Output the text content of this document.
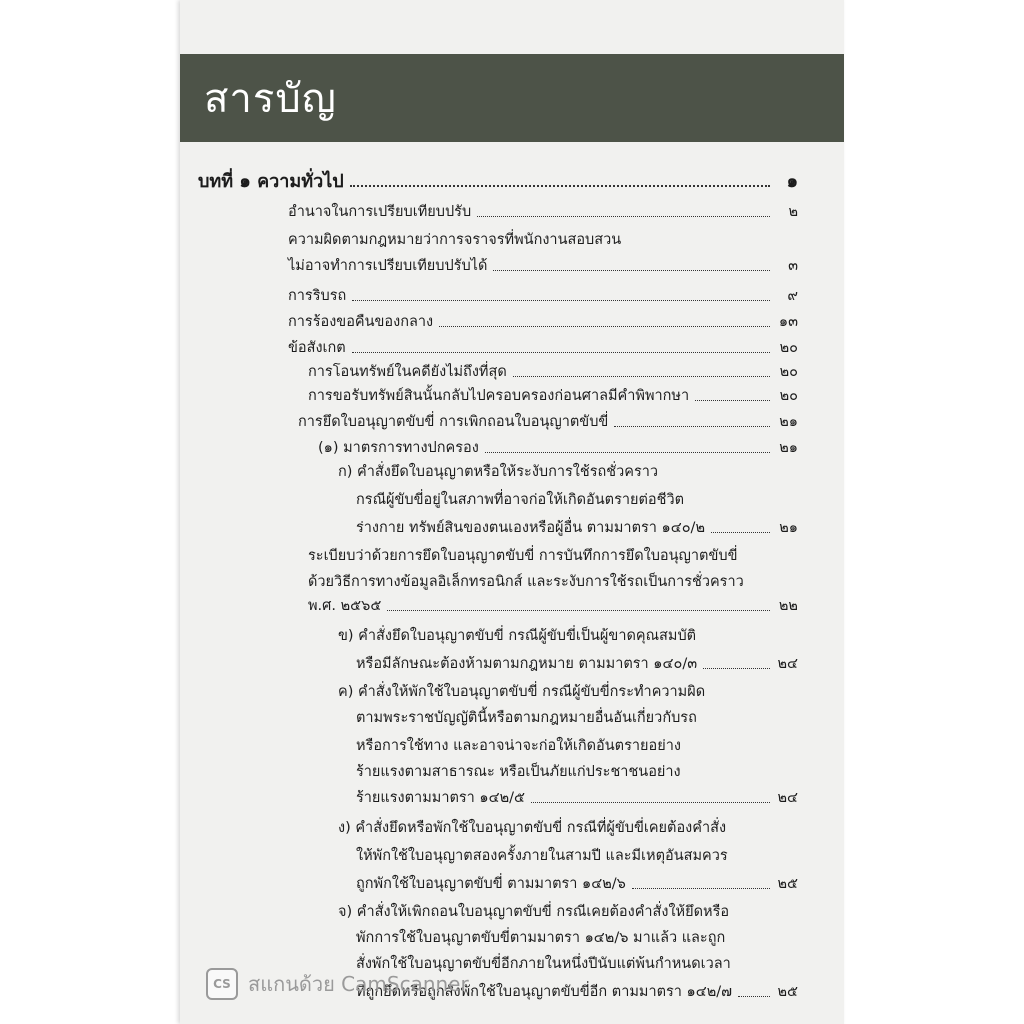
สารบัญ
บทที่ ๑ ความทั่วไป	๑
อำนาจในการเปรียบเทียบปรับ	๒
ความผิดตามกฎหมายว่าการจราจรที่พนักงานสอบสวน
ไม่อาจทำการเปรียบเทียบปรับได้	๓
การริบรถ	๙
การร้องขอคืนของกลาง	๑๓
ข้อสังเกต	๒๐
การโอนทรัพย์ในคดียังไม่ถึงที่สุด	๒๐
การขอรับทรัพย์สินนั้นกลับไปครอบครองก่อนศาลมีคำพิพากษา	๒๐
การยึดใบอนุญาตขับขี่ การเพิกถอนใบอนุญาตขับขี่	๒๑
(๑) มาตรการทางปกครอง	๒๑
ก) คำสั่งยึดใบอนุญาตหรือให้ระงับการใช้รถชั่วคราว
กรณีผู้ขับขี่อยู่ในสภาพที่อาจก่อให้เกิดอันตรายต่อชีวิต
ร่างกาย ทรัพย์สินของตนเองหรือผู้อื่น ตามมาตรา ๑๔๐/๒	๒๑
ระเบียบว่าด้วยการยึดใบอนุญาตขับขี่ การบันทึกการยึดใบอนุญาตขับขี่
ด้วยวิธีการทางข้อมูลอิเล็กทรอนิกส์ และระงับการใช้รถเป็นการชั่วคราว
พ.ศ. ๒๕๖๕	๒๒
ข) คำสั่งยึดใบอนุญาตขับขี่ กรณีผู้ขับขี่เป็นผู้ขาดคุณสมบัติ
หรือมีลักษณะต้องห้ามตามกฎหมาย ตามมาตรา ๑๔๐/๓	๒๔
ค) คำสั่งให้พักใช้ใบอนุญาตขับขี่ กรณีผู้ขับขี่กระทำความผิด
ตามพระราชบัญญัตินี้หรือตามกฎหมายอื่นอันเกี่ยวกับรถ
หรือการใช้ทาง และอาจน่าจะก่อให้เกิดอันตรายอย่าง
ร้ายแรงตามสาธารณะ หรือเป็นภัยแก่ประชาชนอย่าง
ร้ายแรงตามมาตรา ๑๔๒/๕	๒๔
ง) คำสั่งยึดหรือพักใช้ใบอนุญาตขับขี่ กรณีที่ผู้ขับขี่เคยต้องคำสั่ง
ให้พักใช้ใบอนุญาตสองครั้งภายในสามปี และมีเหตุอันสมควร
ถูกพักใช้ใบอนุญาตขับขี่ ตามมาตรา ๑๔๒/๖	๒๕
จ) คำสั่งให้เพิกถอนใบอนุญาตขับขี่ กรณีเคยต้องคำสั่งให้ยึดหรือ
พักการใช้ใบอนุญาตขับขี่ตามมาตรา ๑๔๒/๖ มาแล้ว และถูก
สั่งพักใช้ใบอนุญาตขับขี่อีกภายในหนึ่งปีนับแต่พ้นกำหนดเวลา
ที่ถูกยึดหรือถูกสั่งพักใช้ใบอนุญาตขับขี่อีก ตามมาตรา ๑๔๒/๗	๒๕
CS สแกนด้วย CamScanner
